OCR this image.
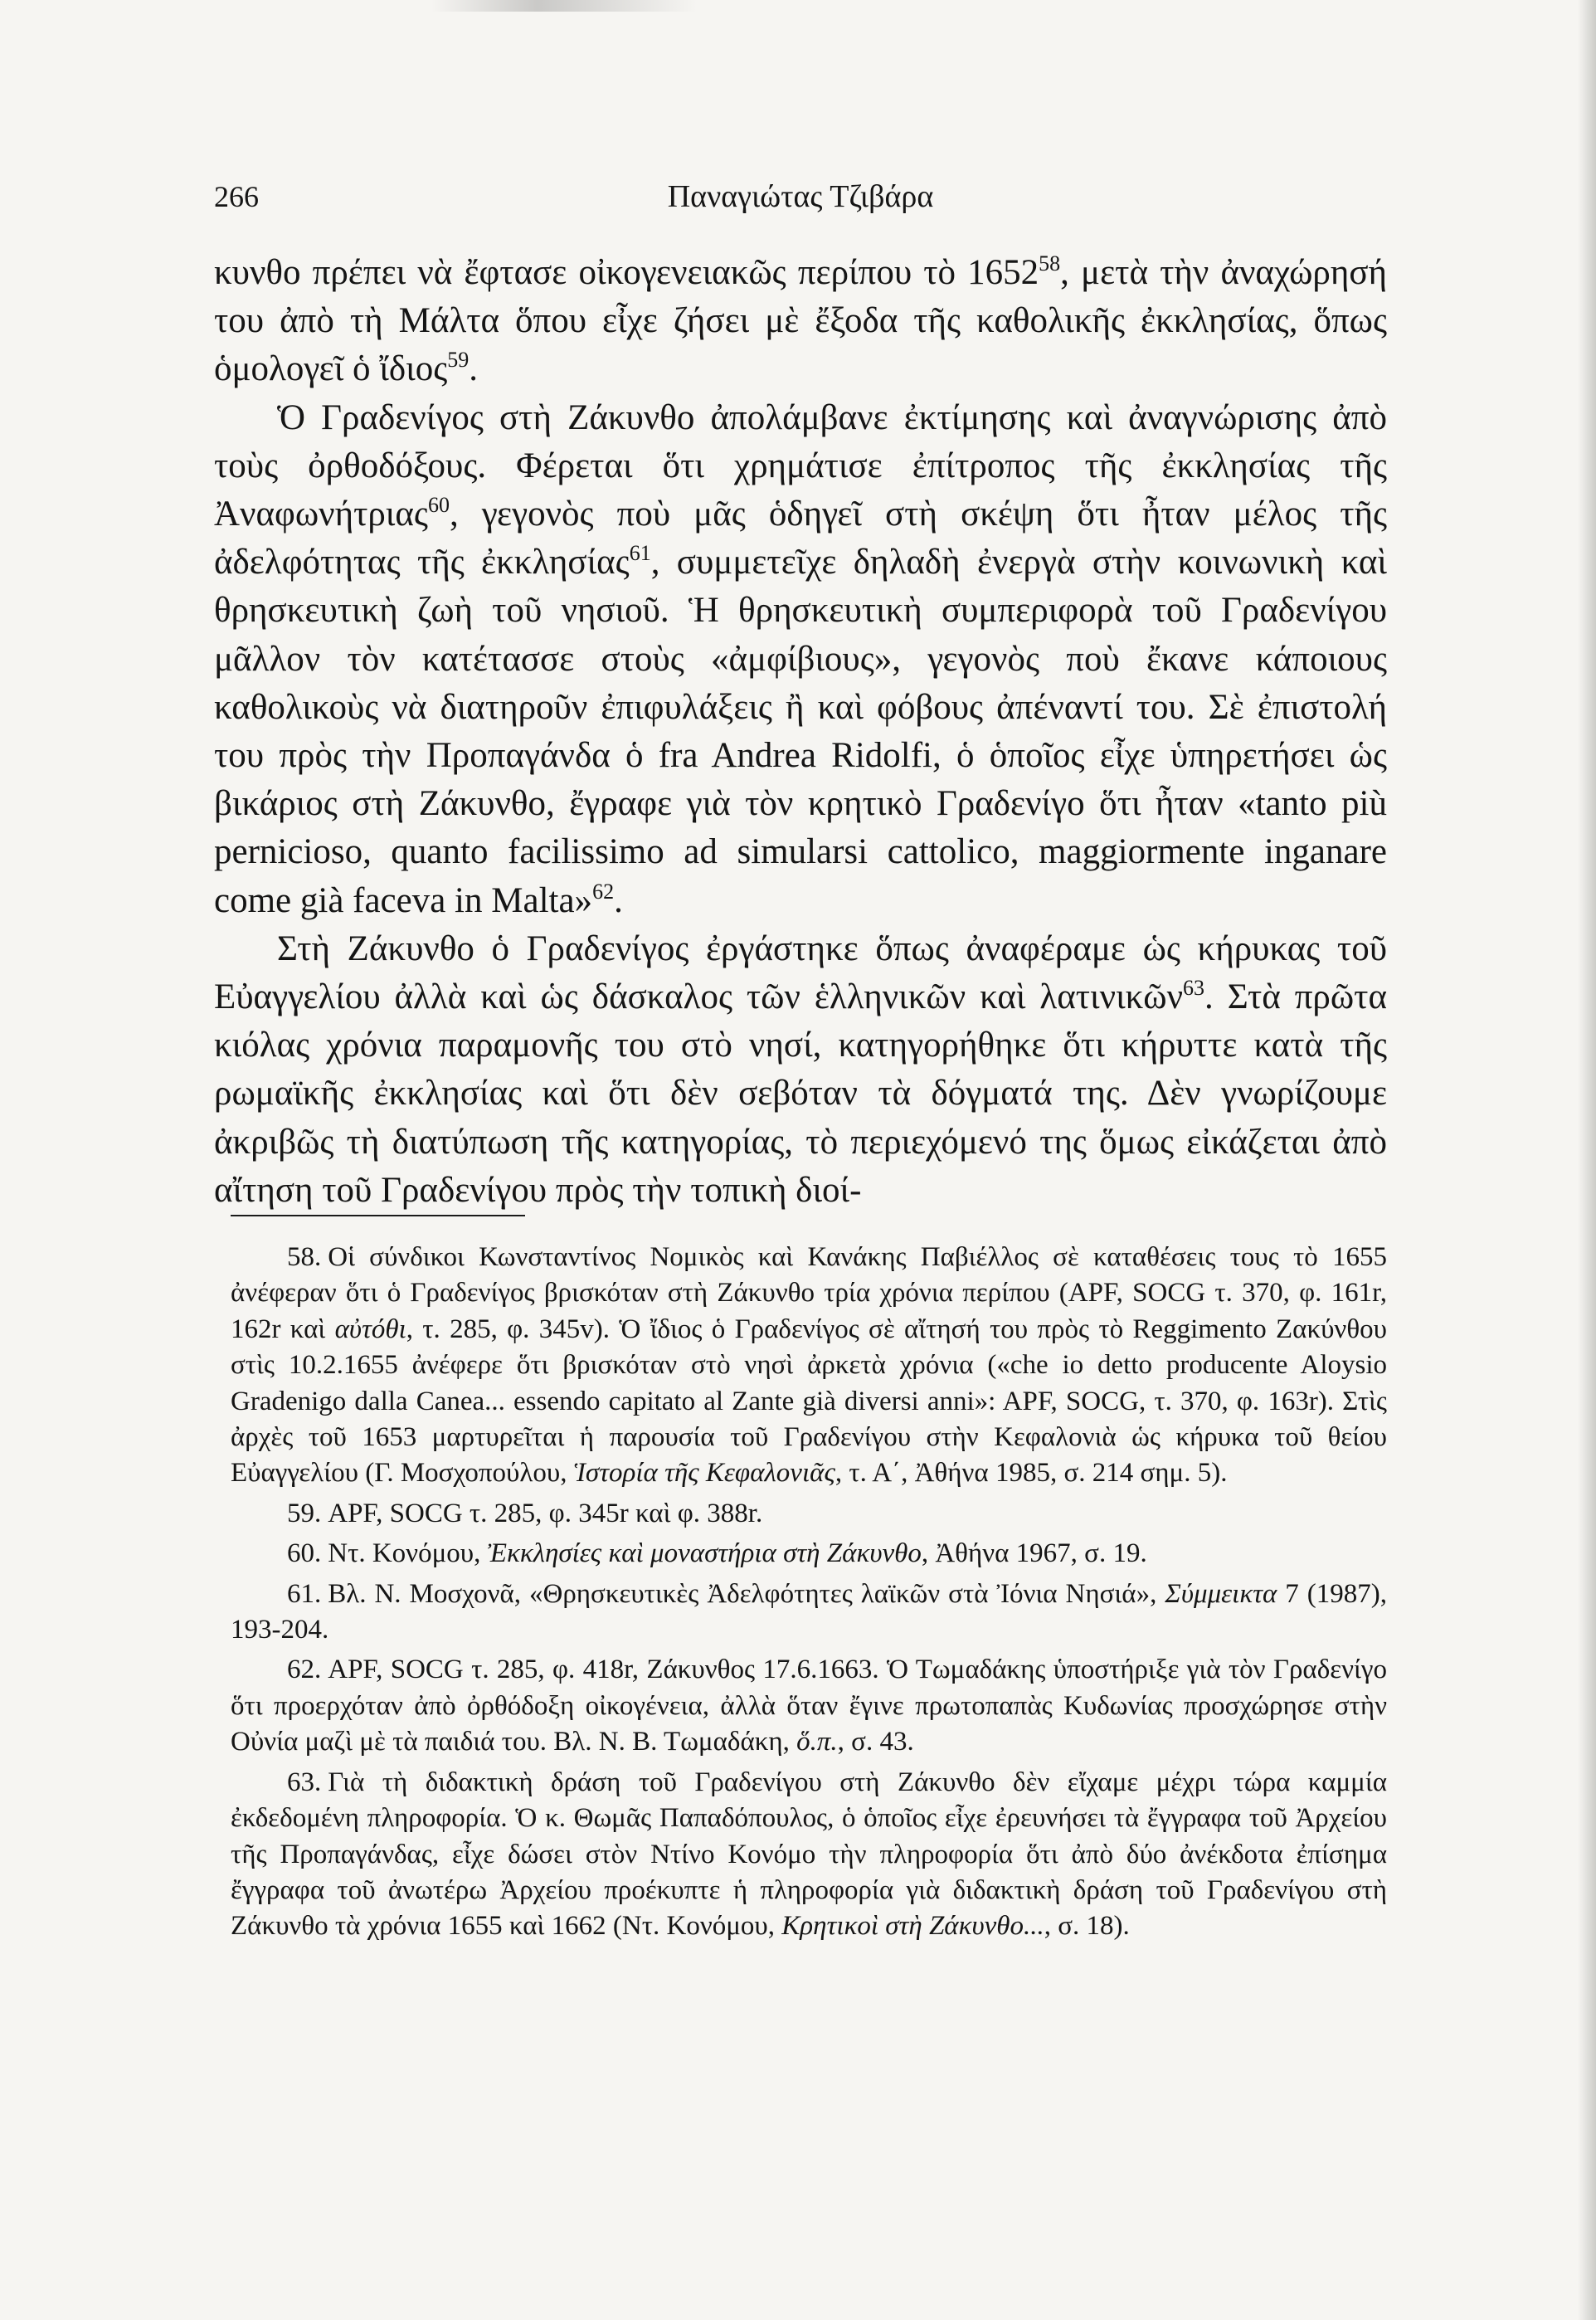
266	Παναγιώτας Τζιβάρα

κυνθο πρέπει νὰ ἔφτασε οἰκογενειακῶς περίπου τὸ 1652$^{58}$, μετὰ τὴν ἀναχώρησή του ἀπὸ τὴ Μάλτα ὅπου εἶχε ζήσει μὲ ἔξοδα τῆς καθολικῆς ἐκκλησίας, ὅπως ὁμολογεῖ ὁ ἴδιος$^{59}$.

Ὁ Γραδενίγος στὴ Ζάκυνθο ἀπολάμβανε ἐκτίμησης καὶ ἀναγνώρισης ἀπὸ τοὺς ὀρθοδόξους. Φέρεται ὅτι χρημάτισε ἐπίτροπος τῆς ἐκκλησίας τῆς Ἀναφωνήτριας$^{60}$, γεγονὸς ποὺ μᾶς ὁδηγεῖ στὴ σκέψη ὅτι ἦταν μέλος τῆς ἀδελφότητας τῆς ἐκκλησίας$^{61}$, συμμετεῖχε δηλαδὴ ἐνεργὰ στὴν κοινωνικὴ καὶ θρησκευτικὴ ζωὴ τοῦ νησιοῦ. Ἡ θρησκευτικὴ συμπεριφορὰ τοῦ Γραδενίγου μᾶλλον τὸν κατέτασσε στοὺς «ἀμφίβιους», γεγονὸς ποὺ ἔκανε κάποιους καθολικοὺς νὰ διατηροῦν ἐπιφυλάξεις ἢ καὶ φόβους ἀπέναντί του. Σὲ ἐπιστολή του πρὸς τὴν Προπαγάνδα ὁ fra Andrea Ridolfi, ὁ ὁποῖος εἶχε ὑπηρετήσει ὡς βικάριος στὴ Ζάκυνθο, ἔγραφε γιὰ τὸν κρητικὸ Γραδενίγο ὅτι ἦταν «tanto più pernicioso, quanto facilissimo ad simularsi cattolico, maggiormente inganare come già faceva in Malta»$^{62}$.

Στὴ Ζάκυνθο ὁ Γραδενίγος ἐργάστηκε ὅπως ἀναφέραμε ὡς κήρυκας τοῦ Εὐαγγελίου ἀλλὰ καὶ ὡς δάσκαλος τῶν ἑλληνικῶν καὶ λατινικῶν$^{63}$. Στὰ πρῶτα κιόλας χρόνια παραμονῆς του στὸ νησί, κατηγορήθηκε ὅτι κήρυττε κατὰ τῆς ρωμαϊκῆς ἐκκλησίας καὶ ὅτι δὲν σεβόταν τὰ δόγματά της. Δὲν γνωρίζουμε ἀκριβῶς τὴ διατύπωση τῆς κατηγορίας, τὸ περιεχόμενό της ὅμως εἰκάζεται ἀπὸ αἴτηση τοῦ Γραδενίγου πρὸς τὴν τοπικὴ διοί-

58. Οἱ σύνδικοι Κωνσταντίνος Νομικὸς καὶ Κανάκης Παβιέλλος σὲ καταθέσεις τους τὸ 1655 ἀνέφεραν ὅτι ὁ Γραδενίγος βρισκόταν στὴ Ζάκυνθο τρία χρόνια περίπου (APF, SOCG τ. 370, φ. 161r, 162r καὶ αὐτόθι, τ. 285, φ. 345v). Ὁ ἴδιος ὁ Γραδενίγος σὲ αἴτησή του πρὸς τὸ Reggimento Ζακύνθου στὶς 10.2.1655 ἀνέφερε ὅτι βρισκόταν στὸ νησὶ ἀρκετὰ χρόνια («che io detto producente Aloysio Gradenigo dalla Canea... essendo capitato al Zante già diversi anni»: APF, SOCG, τ. 370, φ. 163r). Στὶς ἀρχὲς τοῦ 1653 μαρτυρεῖται ἡ παρουσία τοῦ Γραδενίγου στὴν Κεφαλονιὰ ὡς κήρυκα τοῦ θείου Εὐαγγελίου (Γ. Μοσχοπούλου, Ἱστορία τῆς Κεφαλονιᾶς, τ. Α΄, Ἀθήνα 1985, σ. 214 σημ. 5).

59. APF, SOCG τ. 285, φ. 345r καὶ φ. 388r.

60. Ντ. Κονόμου, Ἐκκλησίες καὶ μοναστήρια στὴ Ζάκυνθο, Ἀθήνα 1967, σ. 19.

61. Βλ. Ν. Μοσχονᾶ, «Θρησκευτικὲς Ἀδελφότητες λαϊκῶν στὰ Ἰόνια Νησιά», Σύμμεικτα 7 (1987), 193-204.

62. APF, SOCG τ. 285, φ. 418r, Ζάκυνθος 17.6.1663. Ὁ Τωμαδάκης ὑποστήριξε γιὰ τὸν Γραδενίγο ὅτι προερχόταν ἀπὸ ὀρθόδοξη οἰκογένεια, ἀλλὰ ὅταν ἔγινε πρωτοπαπὰς Κυδωνίας προσχώρησε στὴν Οὐνία μαζὶ μὲ τὰ παιδιά του. Βλ. Ν. Β. Τωμαδάκη, ὅ.π., σ. 43.

63. Γιὰ τὴ διδακτικὴ δράση τοῦ Γραδενίγου στὴ Ζάκυνθο δὲν εἴχαμε μέχρι τώρα καμμία ἐκδεδομένη πληροφορία. Ὁ κ. Θωμᾶς Παπαδόπουλος, ὁ ὁποῖος εἶχε ἐρευνήσει τὰ ἔγγραφα τοῦ Ἀρχείου τῆς Προπαγάνδας, εἶχε δώσει στὸν Ντίνο Κονόμο τὴν πληροφορία ὅτι ἀπὸ δύο ἀνέκδοτα ἐπίσημα ἔγγραφα τοῦ ἀνωτέρω Ἀρχείου προέκυπτε ἡ πληροφορία γιὰ διδακτικὴ δράση τοῦ Γραδενίγου στὴ Ζάκυνθο τὰ χρόνια 1655 καὶ 1662 (Ντ. Κονόμου, Κρητικοὶ στὴ Ζάκυνθο..., σ. 18).
